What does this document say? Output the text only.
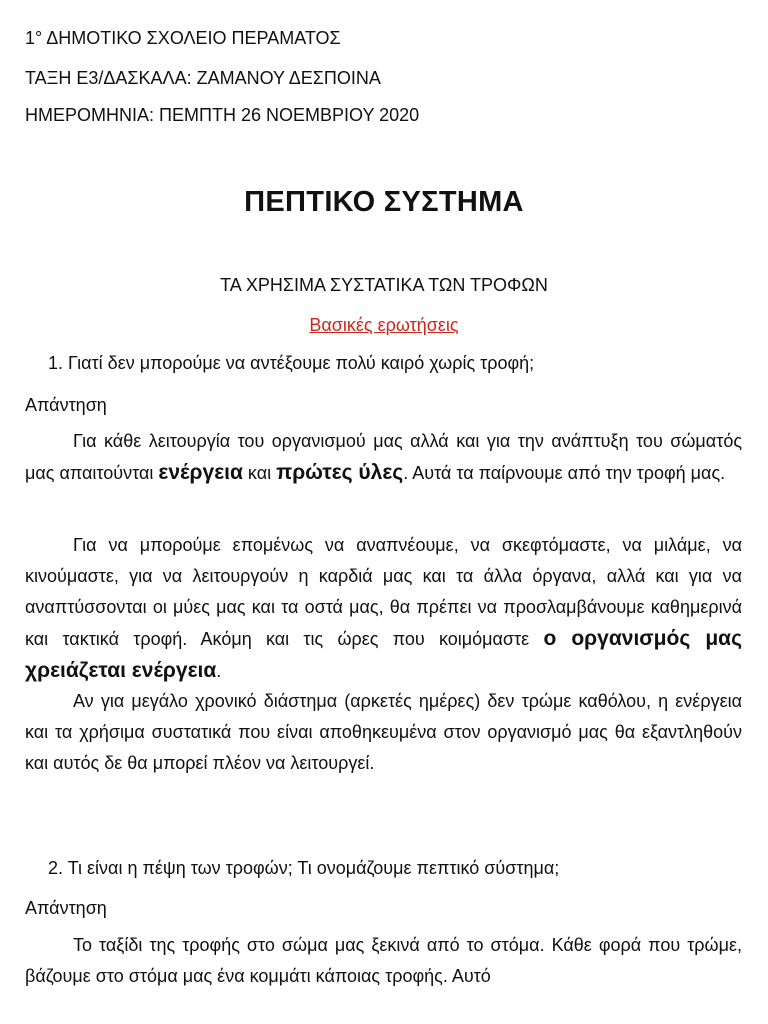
1° ΔΗΜΟΤΙΚΟ ΣΧΟΛΕΙΟ ΠΕΡΑΜΑΤΟΣ
ΤΑΞΗ Ε3/ΔΑΣΚΑΛΑ: ΖΑΜΑΝΟΥ ΔΕΣΠΟΙΝΑ
ΗΜΕΡΟΜΗΝΙΑ: ΠΕΜΠΤΗ 26 ΝΟΕΜΒΡΙΟΥ 2020
ΠΕΠΤΙΚΟ ΣΥΣΤΗΜΑ
ΤΑ ΧΡΗΣΙΜΑ ΣΥΣΤΑΤΙΚΑ ΤΩΝ ΤΡΟΦΩΝ
Βασικές ερωτήσεις
1. Γιατί δεν μπορούμε να αντέξουμε πολύ καιρό χωρίς τροφή;
Απάντηση

Για κάθε λειτουργία του οργανισμού μας αλλά και για την ανάπτυξη του σώματός μας απαιτούνται ενέργεια και πρώτες ύλες. Αυτά τα παίρνουμε από την τροφή μας.

Για να μπορούμε επομένως να αναπνέουμε, να σκεφτόμαστε, να μιλάμε, να κινούμαστε, για να λειτουργούν η καρδιά μας και τα άλλα όργανα, αλλά και για να αναπτύσσονται οι μύες μας και τα οστά μας, θα πρέπει να προσλαμβάνουμε καθημερινά και τακτικά τροφή. Ακόμη και τις ώρες που κοιμόμαστε ο οργανισμός μας χρειάζεται ενέργεια.

Αν για μεγάλο χρονικό διάστημα (αρκετές ημέρες) δεν τρώμε καθόλου, η ενέργεια και τα χρήσιμα συστατικά που είναι αποθηκευμένα στον οργανισμό μας θα εξαντληθούν και αυτός δε θα μπορεί πλέον να λειτουργεί.

2. Τι είναι η πέψη των τροφών; Τι ονομάζουμε πεπτικό σύστημα;
Απάντηση

Το ταξίδι της τροφής στο σώμα μας ξεκινά από το στόμα. Κάθε φορά που τρώμε, βάζουμε στο στόμα μας ένα κομμάτι κάποιας τροφής. Αυτό
